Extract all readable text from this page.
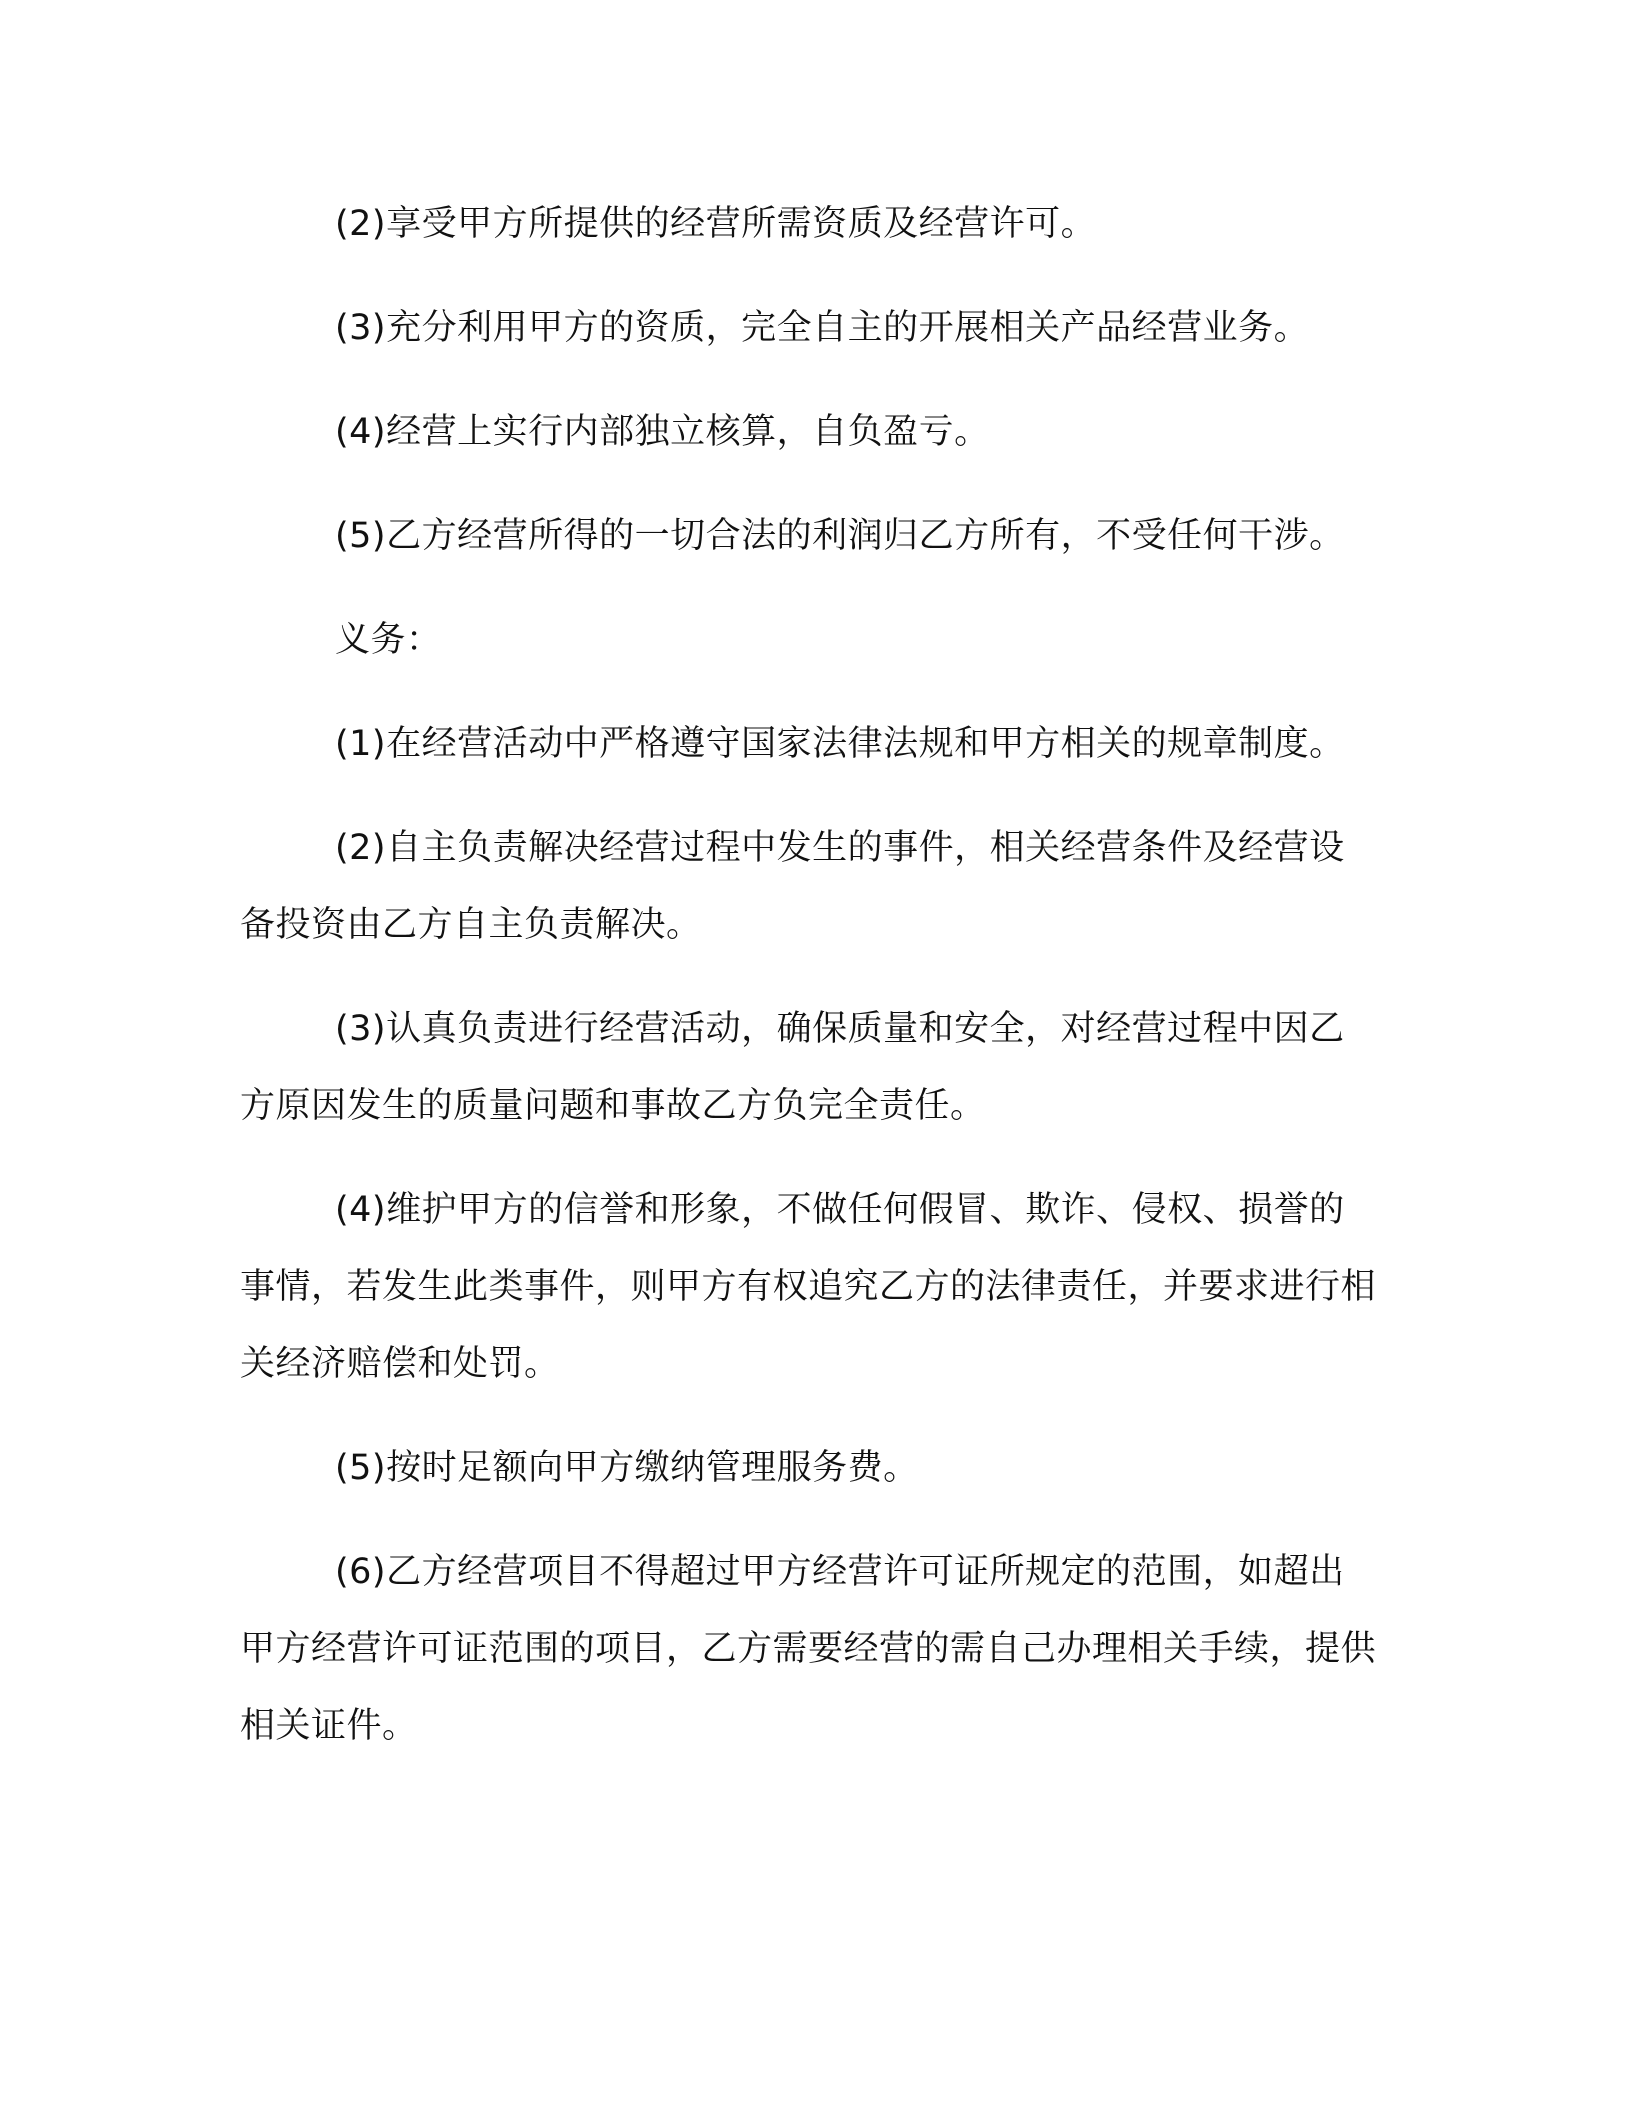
(2)享受甲方所提供的经营所需资质及经营许可。

(3)充分利用甲方的资质，完全自主的开展相关产品经营业务。

(4)经营上实行内部独立核算，自负盈亏。

(5)乙方经营所得的一切合法的利润归乙方所有，不受任何干涉。

义务：

(1)在经营活动中严格遵守国家法律法规和甲方相关的规章制度。

(2)自主负责解决经营过程中发生的事件，相关经营条件及经营设备投资由乙方自主负责解决。

(3)认真负责进行经营活动，确保质量和安全，对经营过程中因乙方原因发生的质量问题和事故乙方负完全责任。

(4)维护甲方的信誉和形象，不做任何假冒、欺诈、侵权、损誉的事情，若发生此类事件，则甲方有权追究乙方的法律责任，并要求进行相关经济赔偿和处罚。

(5)按时足额向甲方缴纳管理服务费。

(6)乙方经营项目不得超过甲方经营许可证所规定的范围，如超出甲方经营许可证范围的项目，乙方需要经营的需自己办理相关手续，提供相关证件。
